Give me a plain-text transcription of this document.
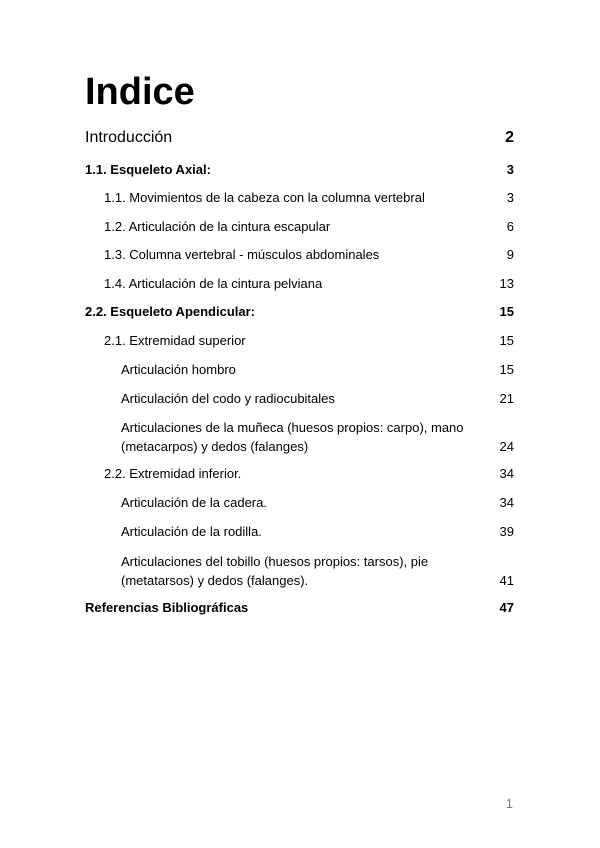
Indice
Introducción	2
1.1. Esqueleto Axial:	3
1.1. Movimientos de la cabeza con la columna vertebral	3
1.2. Articulación de la cintura escapular	6
1.3. Columna vertebral - músculos abdominales	9
1.4. Articulación de la cintura pelviana	13
2.2. Esqueleto Apendicular:	15
2.1. Extremidad superior	15
Articulación hombro	15
Articulación del codo y radiocubitales	21
Articulaciones de la muñeca (huesos propios: carpo), mano
(metacarpos) y dedos (falanges)	24
2.2. Extremidad inferior.	34
Articulación de la cadera.	34
Articulación de la rodilla.	39
Articulaciones del tobillo (huesos propios: tarsos), pie
(metatarsos) y dedos (falanges).	41
Referencias Bibliográficas	47
1
